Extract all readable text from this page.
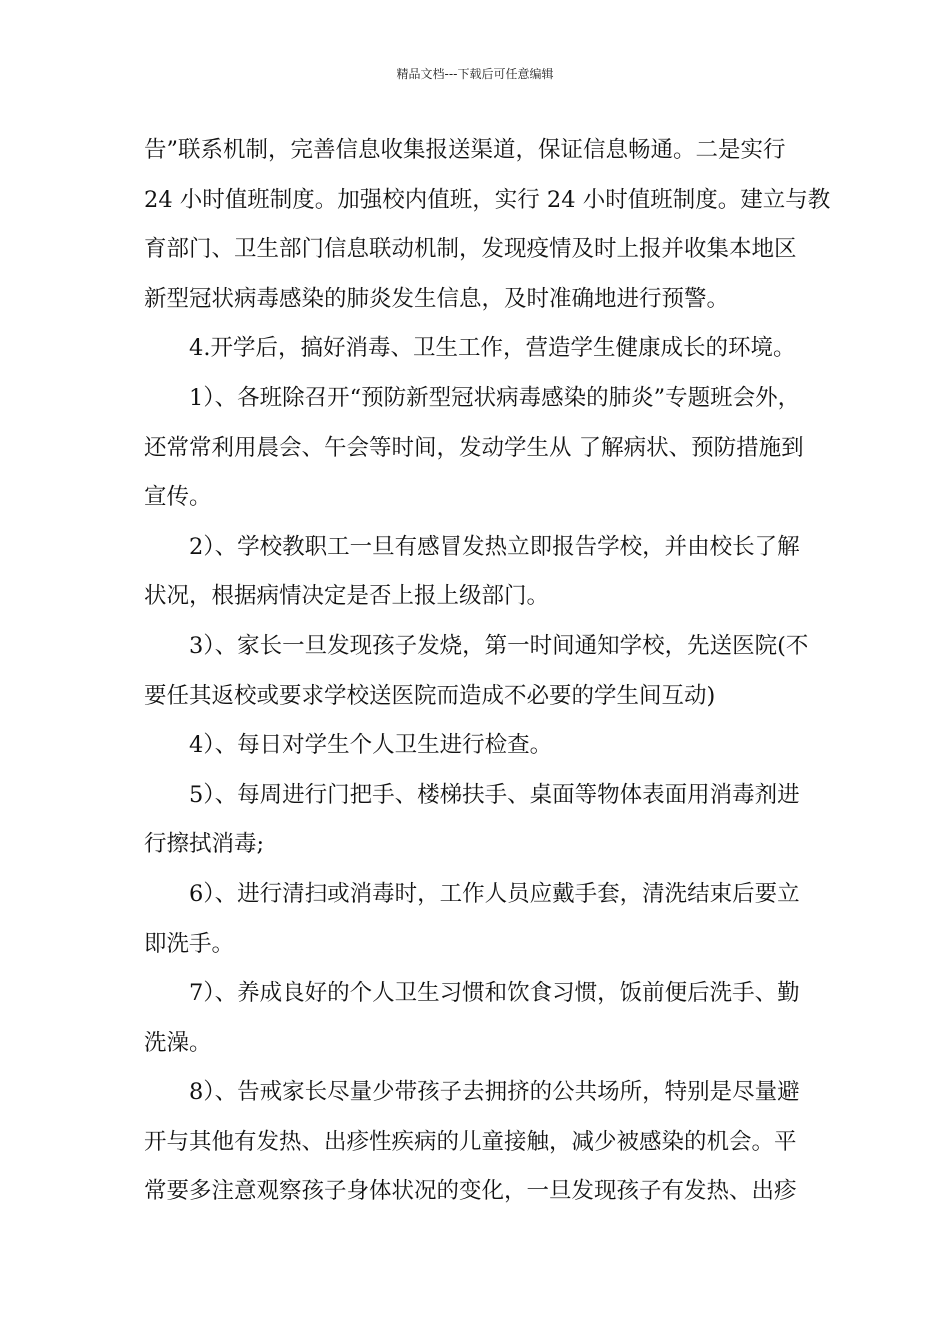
精品文档---下载后可任意编辑
告”联系机制，完善信息收集报送渠道，保证信息畅通。二是实行
24 小时值班制度。加强校内值班，实行 24 小时值班制度。建立与教
育部门、卫生部门信息联动机制，发现疫情及时上报并收集本地区
新型冠状病毒感染的肺炎发生信息，及时准确地进行预警。
4.开学后，搞好消毒、卫生工作，营造学生健康成长的环境。
1）、各班除召开“预防新型冠状病毒感染的肺炎”专题班会外，
还常常利用晨会、午会等时间，发动学生从 了解病状、预防措施到
宣传。
2）、学校教职工一旦有感冒发热立即报告学校，并由校长了解
状况，根据病情决定是否上报上级部门。
3）、家长一旦发现孩子发烧，第一时间通知学校，先送医院(不
要任其返校或要求学校送医院而造成不必要的学生间互动)
4）、每日对学生个人卫生进行检查。
5）、每周进行门把手、楼梯扶手、桌面等物体表面用消毒剂进
行擦拭消毒;
6）、进行清扫或消毒时，工作人员应戴手套，清洗结束后要立
即洗手。
7）、养成良好的个人卫生习惯和饮食习惯，饭前便后洗手、勤
洗澡。
8）、告戒家长尽量少带孩子去拥挤的公共场所，特别是尽量避
开与其他有发热、出疹性疾病的儿童接触，减少被感染的机会。平
常要多注意观察孩子身体状况的变化，一旦发现孩子有发热、出疹
